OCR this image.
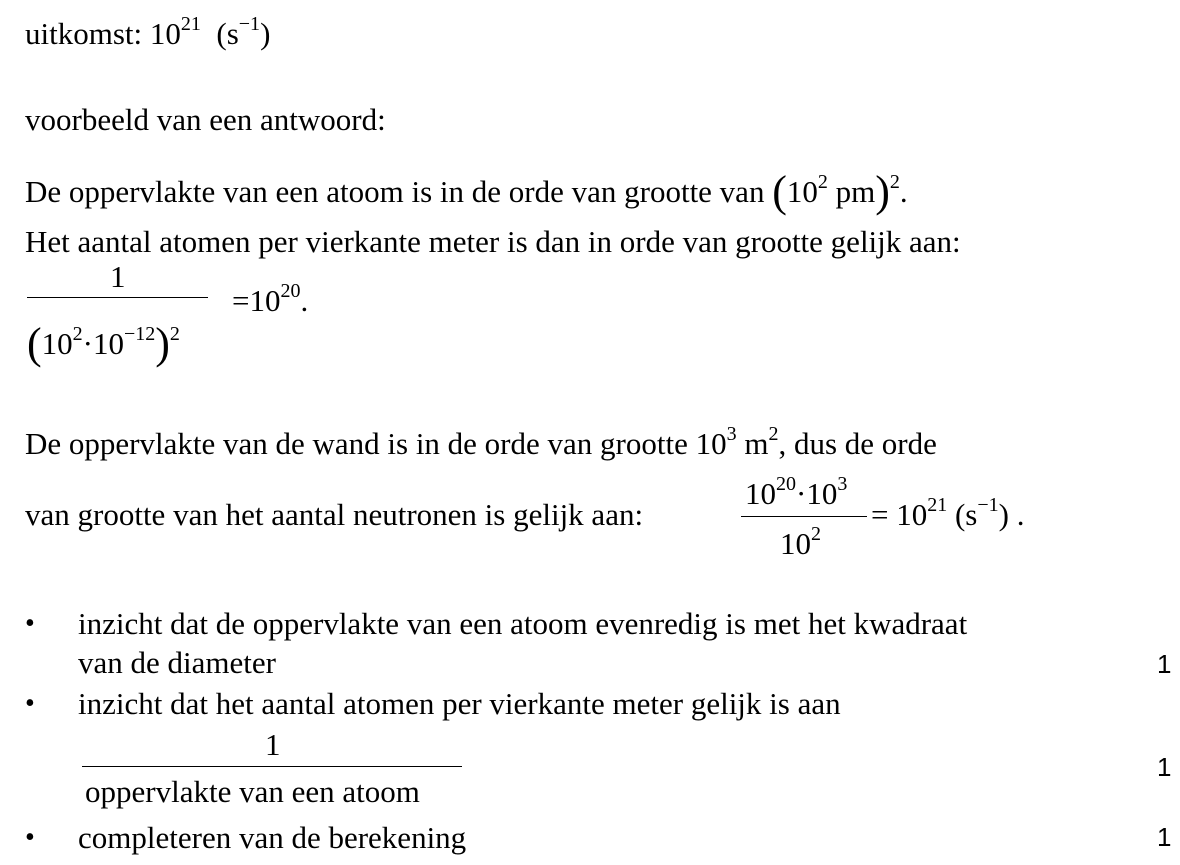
uitkomst: $10^{21}$ $(s^{-1})$
voorbeeld van een antwoord:
De oppervlakte van een atoom is in de orde van grootte van ($10^2$ pm)$^2$.
Het aantal atomen per vierkante meter is dan in orde van grootte gelijk aan:
1
$(10^2\cdot 10^{-12})^2$
$=10^{20}$.
De oppervlakte van de wand is in de orde van grootte $10^3$ $m^2$, dus de orde
van grootte van het aantal neutronen is gelijk aan:
$10^{20}\cdot 10^3$
$10^2$
= $10^{21}$ $(s^{-1})$ .
• inzicht dat de oppervlakte van een atoom evenredig is met het kwadraat
van de diameter	1
• inzicht dat het aantal atomen per vierkante meter gelijk is aan
1
oppervlakte van een atoom
1
• completeren van de berekening	1
